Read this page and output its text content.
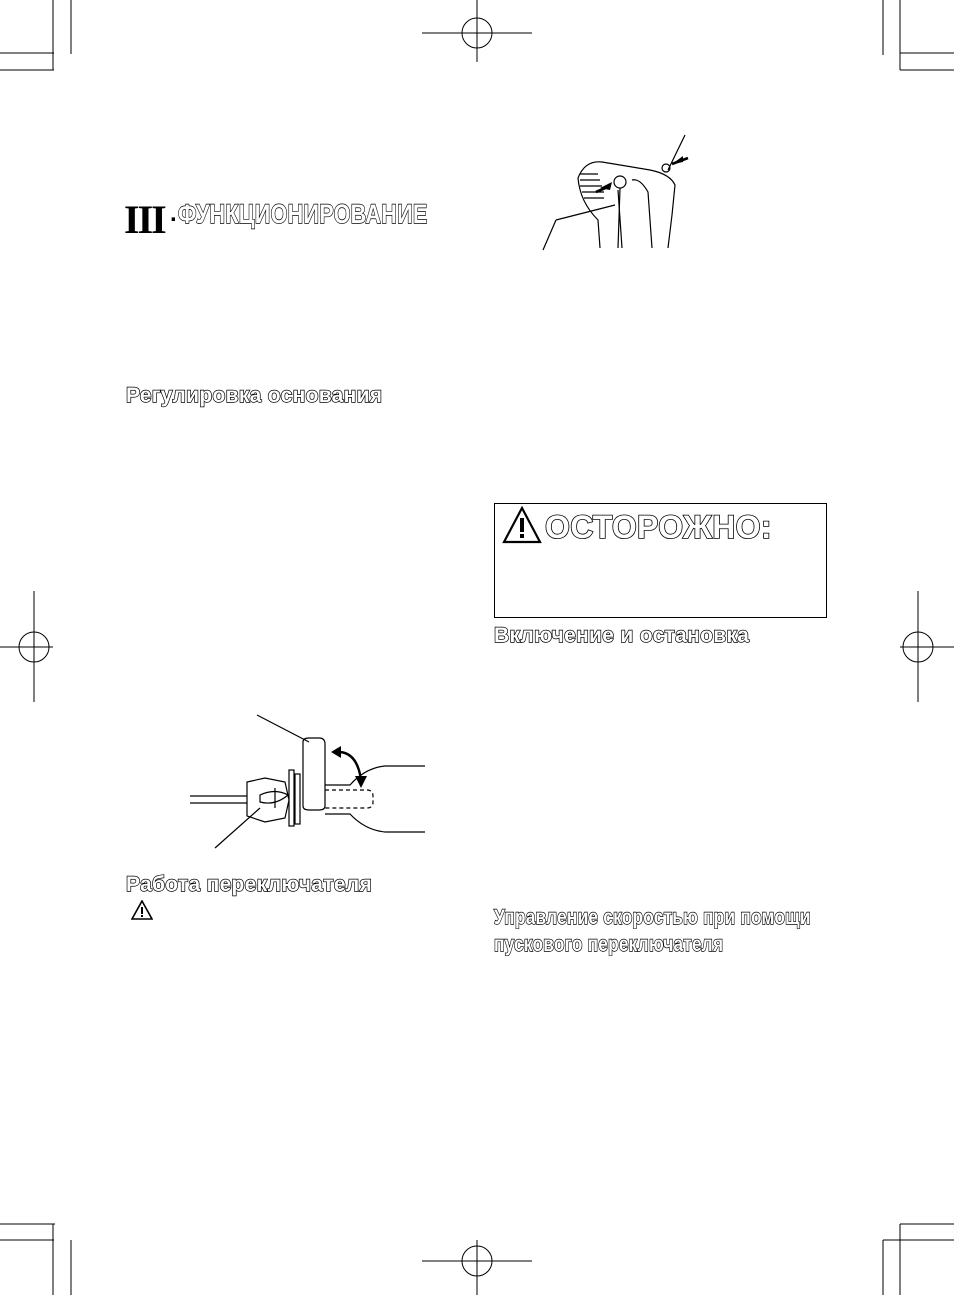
III . ФУНКЦИОНИРОВАНИЕ
Регулировка основания
Работа переключателя
ОСТОРОЖНО:
Включение и остановка
Управление скоростью при помощи
пускового переключателя
